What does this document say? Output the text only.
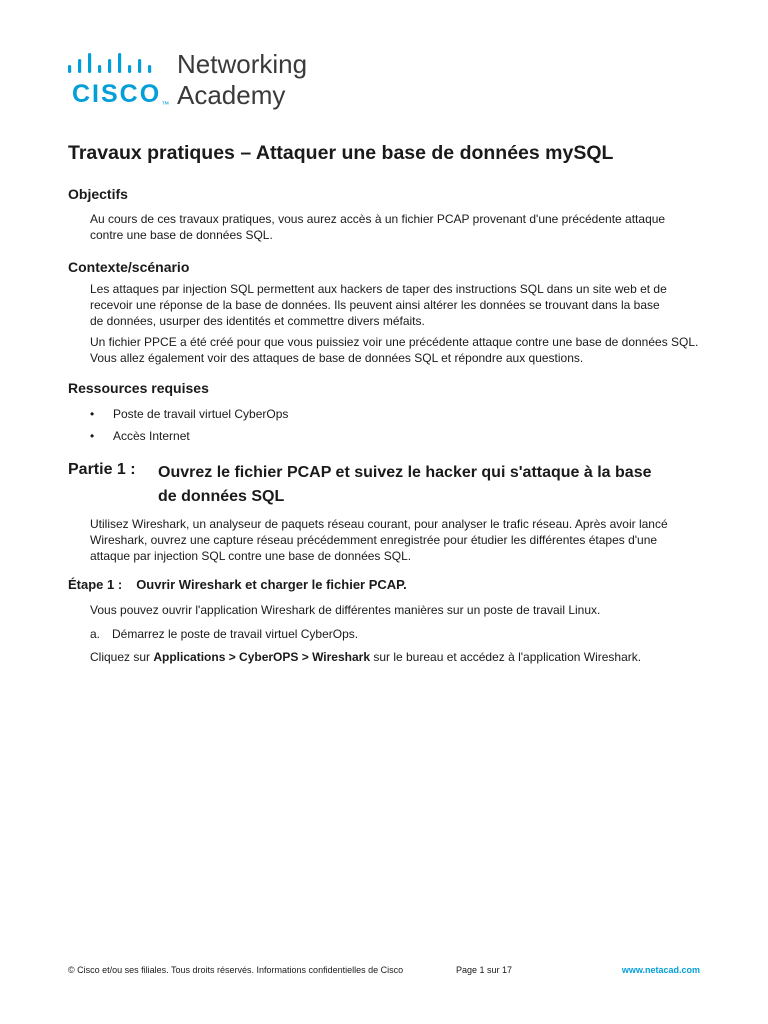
CISCO™
Networking
Academy
Travaux pratiques – Attaquer une base de données mySQL
Objectifs
Au cours de ces travaux pratiques, vous aurez accès à un fichier PCAP provenant d'une précédente attaque
contre une base de données SQL.
Contexte/scénario
Les attaques par injection SQL permettent aux hackers de taper des instructions SQL dans un site web et de
recevoir une réponse de la base de données. Ils peuvent ainsi altérer les données se trouvant dans la base
de données, usurper des identités et commettre divers méfaits.
Un fichier PPCE a été créé pour que vous puissiez voir une précédente attaque contre une base de données SQL.
Vous allez également voir des attaques de base de données SQL et répondre aux questions.
Ressources requises
• Poste de travail virtuel CyberOps
• Accès Internet
Partie 1 : Ouvrez le fichier PCAP et suivez le hacker qui s'attaque à la base
de données SQL
Utilisez Wireshark, un analyseur de paquets réseau courant, pour analyser le trafic réseau. Après avoir lancé
Wireshark, ouvrez une capture réseau précédemment enregistrée pour étudier les différentes étapes d'une
attaque par injection SQL contre une base de données SQL.
Étape 1 : Ouvrir Wireshark et charger le fichier PCAP.
Vous pouvez ouvrir l'application Wireshark de différentes manières sur un poste de travail Linux.
a. Démarrez le poste de travail virtuel CyberOps.
Cliquez sur Applications > CyberOPS > Wireshark sur le bureau et accédez à l'application Wireshark.
© Cisco et/ou ses filiales. Tous droits réservés. Informations confidentielles de Cisco	Page 1 sur 17	www.netacad.com
